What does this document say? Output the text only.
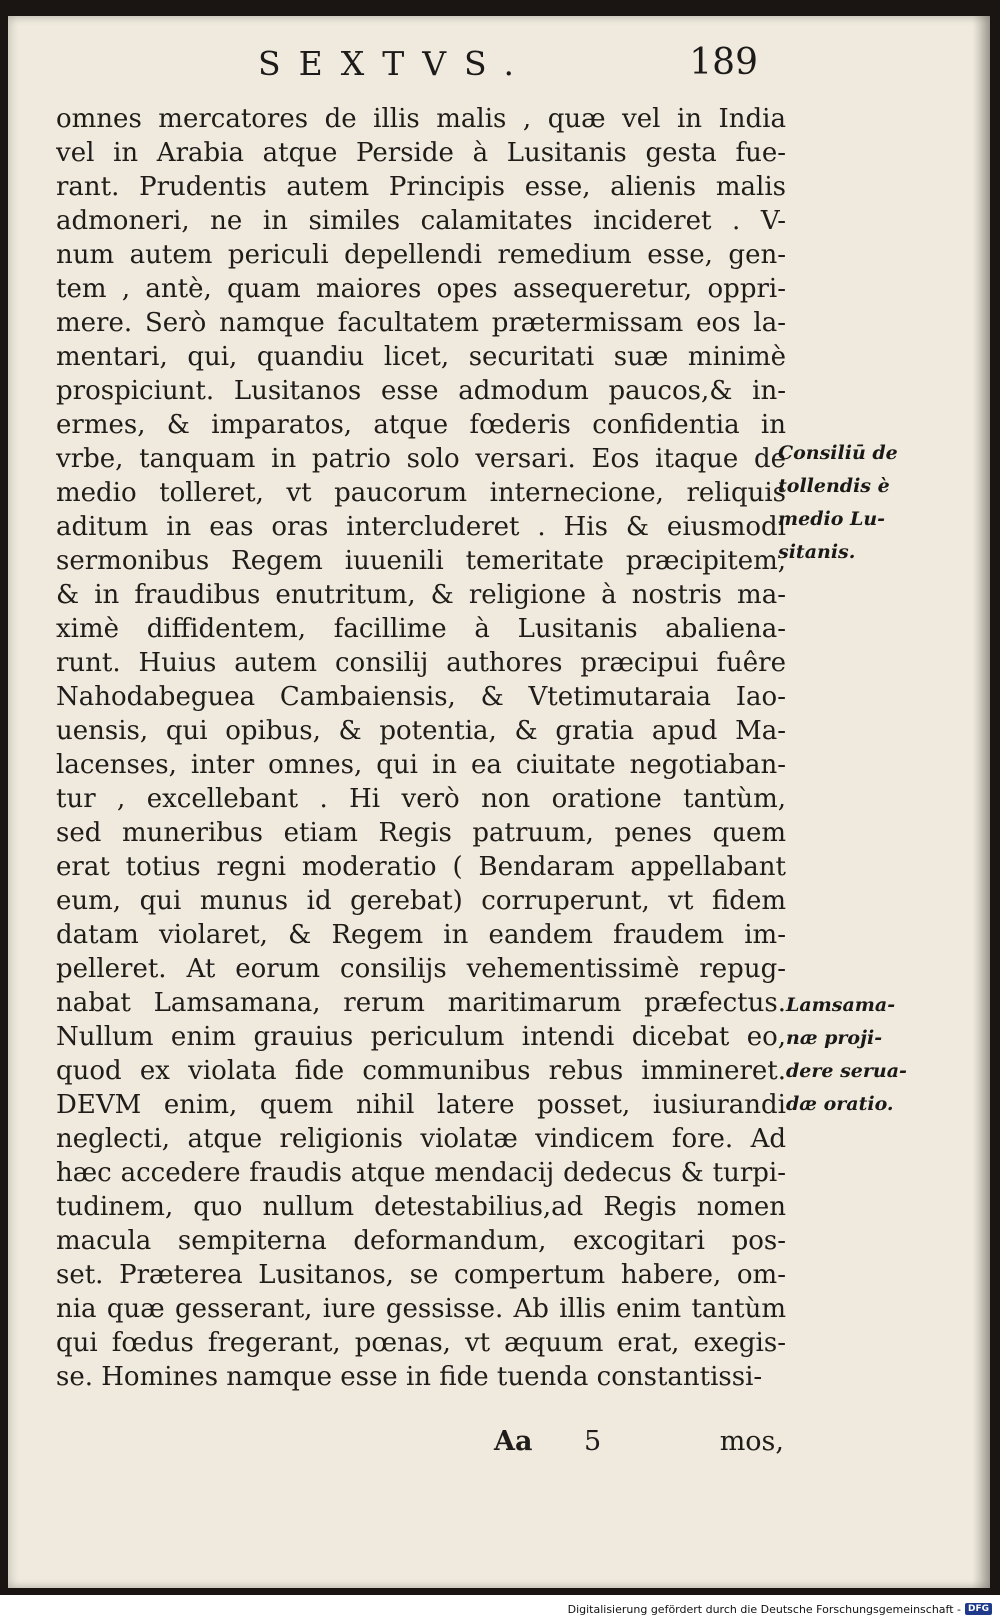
SEXTVS.	189
omnes mercatores de illis malis , quæ vel in India
vel in Arabia atque Perside à Lusitanis gesta fue-
rant. Prudentis autem Principis esse, alienis malis
admoneri, ne in similes calamitates incideret . V-
num autem periculi depellendi remedium esse, gen-
tem , antè, quam maiores opes assequeretur, oppri-
mere. Serò namque facultatem prætermissam eos la-
mentari, qui, quandiu licet, securitati suæ minimè
prospiciunt. Lusitanos esse admodum paucos,& in-
ermes, & imparatos, atque fœderis confidentia in
vrbe, tanquam in patrio solo versari. Eos itaque de
medio tolleret, vt paucorum internecione, reliquis
aditum in eas oras intercluderet . His & eiusmodi
sermonibus Regem iuuenili temeritate præcipitem,
& in fraudibus enutritum, & religione à nostris ma-
ximè diffidentem, facillime à Lusitanis abaliena-
runt. Huius autem consilij authores præcipui fuêre
Nahodabeguea Cambaiensis, & Vtetimutaraia Iao-
uensis, qui opibus, & potentia, & gratia apud Ma-
lacenses, inter omnes, qui in ea ciuitate negotiaban-
tur , excellebant . Hi verò non oratione tantùm,
sed muneribus etiam Regis patruum, penes quem
erat totius regni moderatio ( Bendaram appellabant
eum, qui munus id gerebat) corruperunt, vt fidem
datam violaret, & Regem in eandem fraudem im-
pelleret. At eorum consilijs vehementissimè repug-
nabat Lamsamana, rerum maritimarum præfectus.
Nullum enim grauius periculum intendi dicebat eo,
quod ex violata fide communibus rebus immineret.
DEVM enim, quem nihil latere posset, iusiurandi
neglecti, atque religionis violatæ vindicem fore. Ad
hæc accedere fraudis atque mendacij dedecus & turpi-
tudinem, quo nullum detestabilius,ad Regis nomen
macula sempiterna deformandum, excogitari pos-
set. Præterea Lusitanos, se compertum habere, om-
nia quæ gesserant, iure gessisse. Ab illis enim tantùm
qui fœdus fregerant, pœnas, vt æquum erat, exegis-
se. Homines namque esse in fide tuenda constantissi-
Consiliū de
tollendis è
medio Lu-
sitanis.
Lamsama-
næ proji-
dere serua-
dæ oratio.
Aa 5	mos,
Digitalisierung gefördert durch die Deutsche Forschungsgemeinschaft - DFG
